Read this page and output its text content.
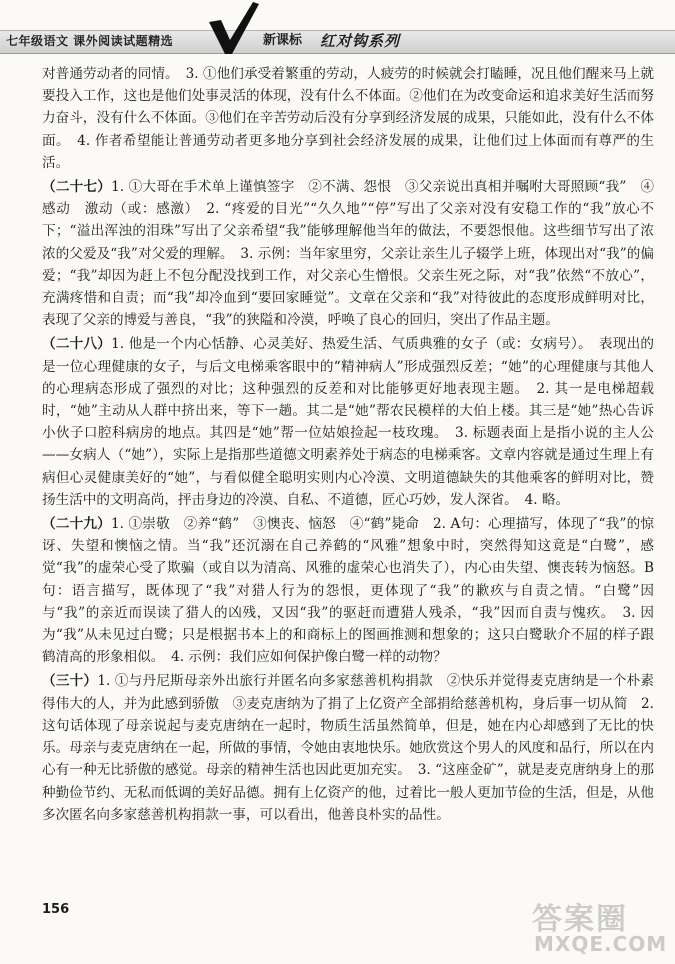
七年级语文 课外阅读试题精选	新课标 红对钩系列

对普通劳动者的同情。　3. ①他们承受着繁重的劳动，人疲劳的时候就会打瞌睡，况且他们醒来马上就要投入工作，这也是他们处事灵活的体现，没有什么不体面。②他们在为改变命运和追求美好生活而努力奋斗，没有什么不体面。③他们在辛苦劳动后没有分享到经济发展的成果，只能如此，没有什么不体面。　4. 作者希望能让普通劳动者更多地分享到社会经济发展的成果，让他们过上体面而有尊严的生活。

（二十七）1. ①大哥在手术单上谨慎签字　②不满、怨恨　③父亲说出真相并嘱咐大哥照顾“我”　④感动　激动（或：感激）　2. “疼爱的目光”“久久地”“停”写出了父亲对没有安稳工作的“我”放心不下；“溢出浑浊的泪珠”写出了父亲希望“我”能够理解他当年的做法，不要怨恨他。这些细节写出了浓浓的父爱及“我”对父爱的理解。　3. 示例：当年家里穷，父亲让亲生儿子辍学上班，体现出对“我”的偏爱；“我”却因为赶上不包分配没找到工作，对父亲心生憎恨。父亲生死之际，对“我”依然“不放心”，充满疼惜和自责；而“我”却冷血到“要回家睡觉”。文章在父亲和“我”对待彼此的态度形成鲜明对比，表现了父亲的博爱与善良，“我”的狭隘和冷漠，呼唤了良心的回归，突出了作品主题。

（二十八）1. 他是一个内心恬静、心灵美好、热爱生活、气质典雅的女子（或：女病号）。　表现出的是一位心理健康的女子，与后文电梯乘客眼中的“精神病人”形成强烈反差；“她”的心理健康与其他人的心理病态形成了强烈的对比；这种强烈的反差和对比能够更好地表现主题。　2. 其一是电梯超载时，“她”主动从人群中挤出来，等下一趟。其二是“她”帮农民模样的大伯上楼。其三是“她”热心告诉小伙子口腔科病房的地点。其四是“她”帮一位姑娘捡起一枝玫瑰。　3. 标题表面上是指小说的主人公——女病人（“她”），实际上是指那些道德文明素养处于病态的电梯乘客。文章内容就是通过生理上有病但心灵健康美好的“她”，与看似健全聪明实则内心冷漠、文明道德缺失的其他乘客的鲜明对比，赞扬生活中的文明高尚，抨击身边的冷漠、自私、不道德，匠心巧妙，发人深省。　4. 略。

（二十九）1. ①崇敬　②养“鹤”　③懊丧、恼怒　④“鹤”毙命　2. A句：心理描写，体现了“我”的惊讶、失望和懊恼之情。当“我”还沉溺在自己养鹤的“风雅”想象中时，突然得知这竟是“白鹭”，感觉“我”的虚荣心受了欺骗（或自以为清高、风雅的虚荣心也消失了），内心由失望、懊丧转为恼怒。B句：语言描写，既体现了“我”对猎人行为的怨恨，更体现了“我”的歉疚与自责之情。“白鹭”因与“我”的亲近而误读了猎人的凶残，又因“我”的驱赶而遭猎人残杀，“我”因而自责与愧疚。　3. 因为“我”从未见过白鹭；只是根据书本上的和商标上的图画推测和想象的；这只白鹭耿介不屈的样子跟鹤清高的形象相似。　4. 示例：我们应如何保护像白鹭一样的动物？

（三十）1. ①与丹尼斯母亲外出旅行并匿名向多家慈善机构捐款　②快乐并觉得麦克唐纳是一个朴素得伟大的人，并为此感到骄傲　③麦克唐纳为了捐了上亿资产全部捐给慈善机构，身后事一切从简　2. 这句话体现了母亲说起与麦克唐纳在一起时，物质生活虽然简单，但是，她在内心却感到了无比的快乐。母亲与麦克唐纳在一起，所做的事情，令她由衷地快乐。她欣赏这个男人的风度和品行，所以在内心有一种无比骄傲的感觉。母亲的精神生活也因此更加充实。　3. “这座金矿”，就是麦克唐纳身上的那种勤俭节约、无私而低调的美好品德。拥有上亿资产的他，过着比一般人更加节俭的生活，但是，从他多次匿名向多家慈善机构捐款一事，可以看出，他善良朴实的品性。

156	答案圈
MXQE.COM
